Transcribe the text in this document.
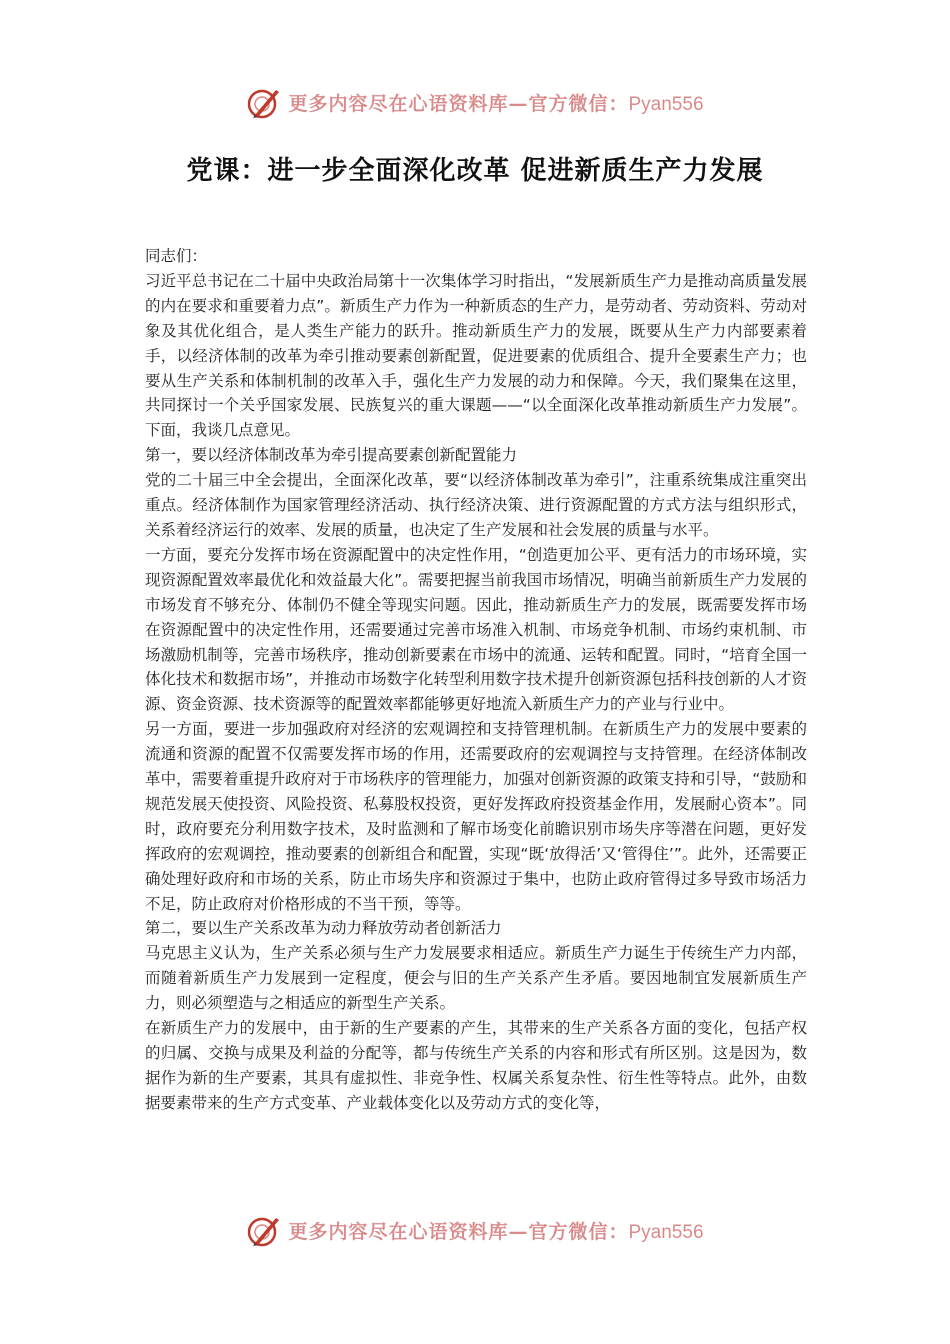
更多内容尽在心语资料库—官方微信：Pyan556
党课：进一步全面深化改革 促进新质生产力发展

同志们：

习近平总书记在二十届中央政治局第十一次集体学习时指出，“发展新质生产力是推动高质量发展的内在要求和重要着力点”。新质生产力作为一种新质态的生产力，是劳动者、劳动资料、劳动对象及其优化组合，是人类生产能力的跃升。推动新质生产力的发展，既要从生产力内部要素着手，以经济体制的改革为牵引推动要素创新配置，促进要素的优质组合、提升全要素生产力；也要从生产关系和体制机制的改革入手，强化生产力发展的动力和保障。今天，我们聚集在这里，共同探讨一个关乎国家发展、民族复兴的重大课题——“以全面深化改革推动新质生产力发展”。下面，我谈几点意见。

第一，要以经济体制改革为牵引提高要素创新配置能力

党的二十届三中全会提出，全面深化改革，要“以经济体制改革为牵引”，注重系统集成注重突出重点。经济体制作为国家管理经济活动、执行经济决策、进行资源配置的方式方法与组织形式，关系着经济运行的效率、发展的质量，也决定了生产发展和社会发展的质量与水平。

一方面，要充分发挥市场在资源配置中的决定性作用，“创造更加公平、更有活力的市场环境，实现资源配置效率最优化和效益最大化”。需要把握当前我国市场情况，明确当前新质生产力发展的市场发育不够充分、体制仍不健全等现实问题。因此，推动新质生产力的发展，既需要发挥市场在资源配置中的决定性作用，还需要通过完善市场准入机制、市场竞争机制、市场约束机制、市场激励机制等，完善市场秩序，推动创新要素在市场中的流通、运转和配置。同时，“培育全国一体化技术和数据市场”，并推动市场数字化转型利用数字技术提升创新资源包括科技创新的人才资源、资金资源、技术资源等的配置效率都能够更好地流入新质生产力的产业与行业中。

另一方面，要进一步加强政府对经济的宏观调控和支持管理机制。在新质生产力的发展中要素的流通和资源的配置不仅需要发挥市场的作用，还需要政府的宏观调控与支持管理。在经济体制改革中，需要着重提升政府对于市场秩序的管理能力，加强对创新资源的政策支持和引导，“鼓励和规范发展天使投资、风险投资、私募股权投资，更好发挥政府投资基金作用，发展耐心资本”。同时，政府要充分利用数字技术，及时监测和了解市场变化前瞻识别市场失序等潜在问题，更好发挥政府的宏观调控，推动要素的创新组合和配置，实现“既‘放得活’又‘管得住’”。此外，还需要正确处理好政府和市场的关系，防止市场失序和资源过于集中，也防止政府管得过多导致市场活力不足，防止政府对价格形成的不当干预，等等。

第二，要以生产关系改革为动力释放劳动者创新活力

马克思主义认为，生产关系必须与生产力发展要求相适应。新质生产力诞生于传统生产力内部，而随着新质生产力发展到一定程度，便会与旧的生产关系产生矛盾。要因地制宜发展新质生产力，则必须塑造与之相适应的新型生产关系。

在新质生产力的发展中，由于新的生产要素的产生，其带来的生产关系各方面的变化，包括产权的归属、交换与成果及利益的分配等，都与传统生产关系的内容和形式有所区别。这是因为，数据作为新的生产要素，其具有虚拟性、非竞争性、权属关系复杂性、衍生性等特点。此外，由数据要素带来的生产方式变革、产业载体变化以及劳动方式的变化等，

更多内容尽在心语资料库—官方微信：Pyan556
